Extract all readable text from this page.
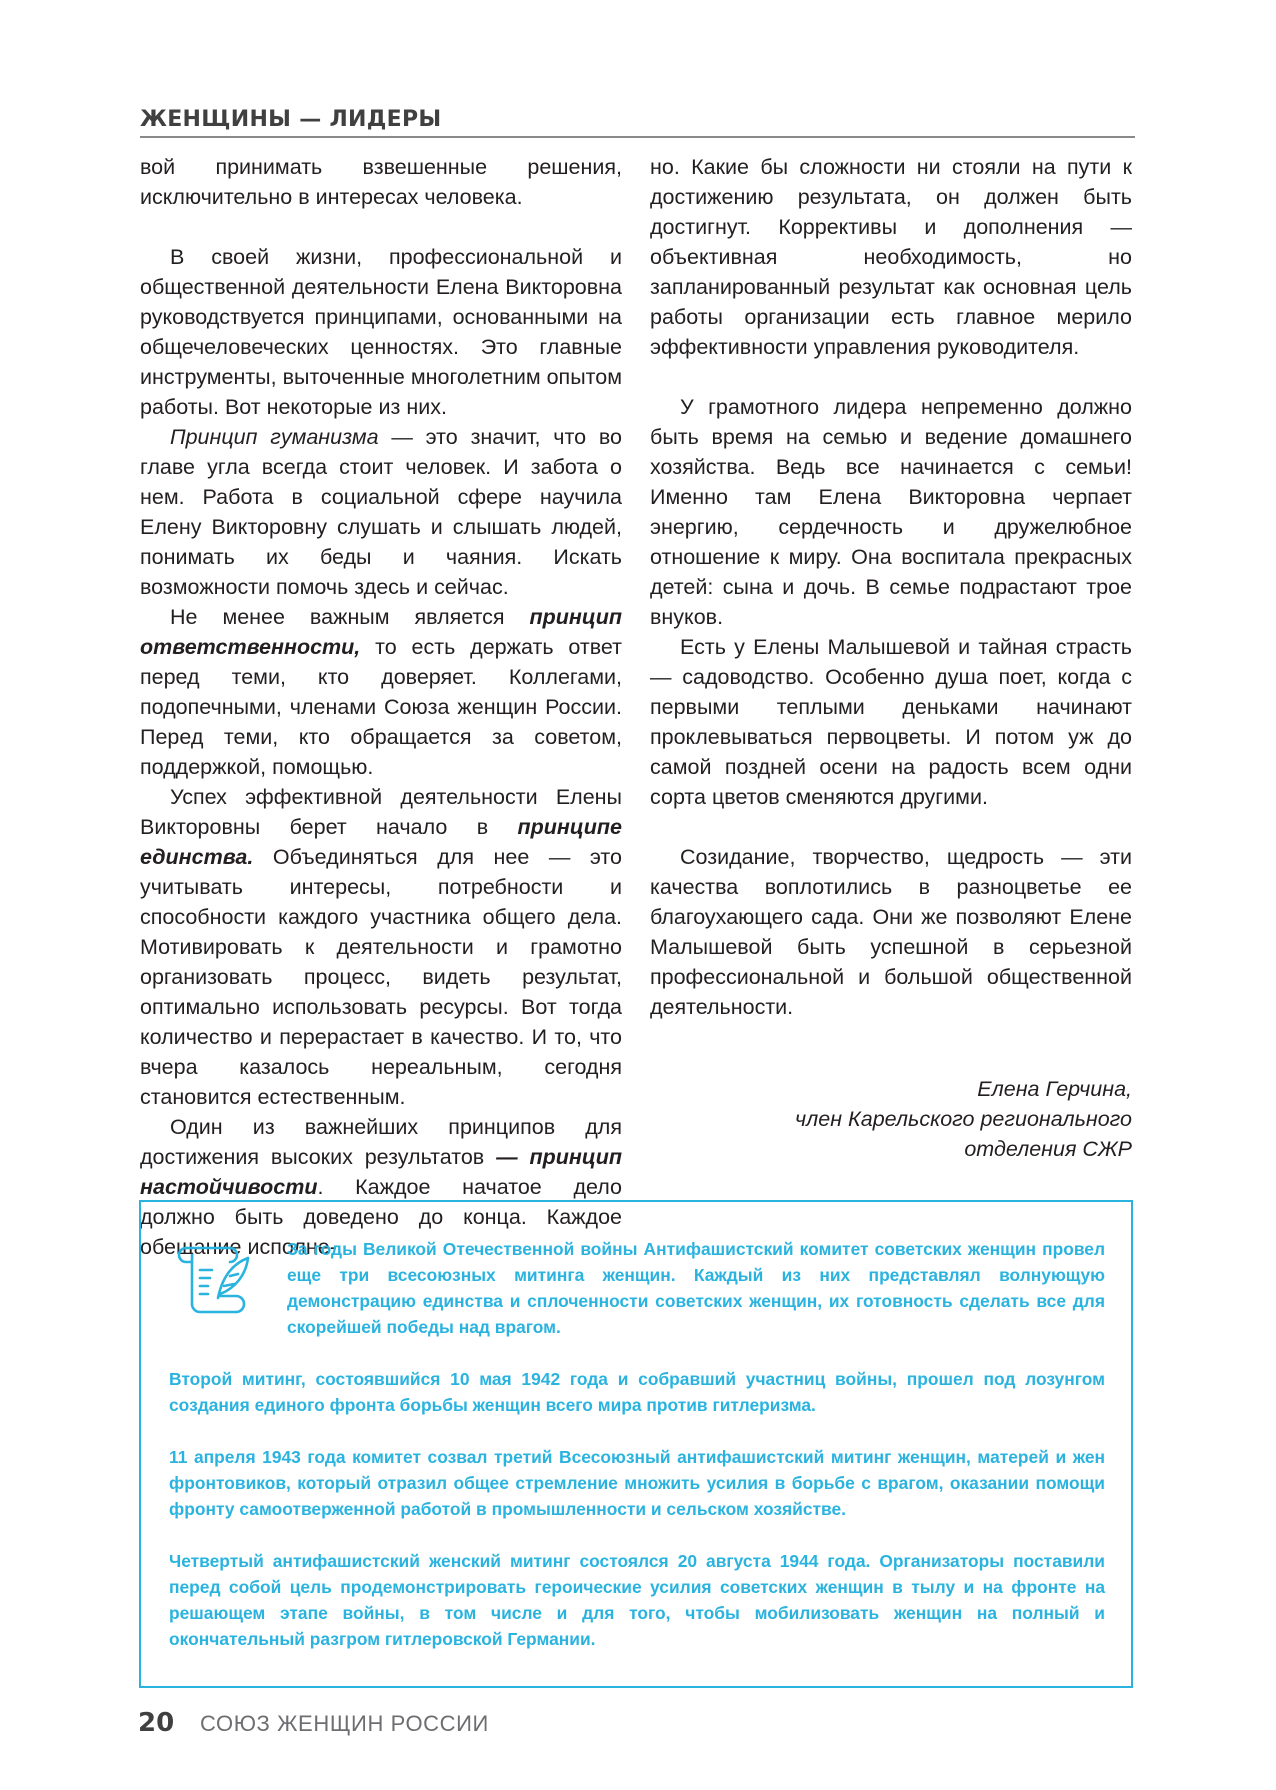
ЖЕНЩИНЫ — ЛИДЕРЫ

вой принимать взвешенные решения, исключительно в интересах человека.

В своей жизни, профессиональной и общественной деятельности Елена Викторовна руководствуется принципами, основанными на общечеловеческих ценностях. Это главные инструменты, выточенные многолетним опытом работы. Вот некоторые из них.

Принцип гуманизма — это значит, что во главе угла всегда стоит человек. И забота о нем. Работа в социальной сфере научила Елену Викторовну слушать и слышать людей, понимать их беды и чаяния. Искать возможности помочь здесь и сейчас.

Не менее важным является принцип ответственности, то есть держать ответ перед теми, кто доверяет. Коллегами, подопечными, членами Союза женщин России. Перед теми, кто обращается за советом, поддержкой, помощью.

Успех эффективной деятельности Елены Викторовны берет начало в принципе единства. Объединяться для нее — это учитывать интересы, потребности и способности каждого участника общего дела. Мотивировать к деятельности и грамотно организовать процесс, видеть результат, оптимально использовать ресурсы. Вот тогда количество и перерастает в качество. И то, что вчера казалось нереальным, сегодня становится естественным.

Один из важнейших принципов для достижения высоких результатов — принцип настойчивости. Каждое начатое дело должно быть доведено до конца. Каждое обещание исполне-

но. Какие бы сложности ни стояли на пути к достижению результата, он должен быть достигнут. Коррективы и дополнения — объективная необходимость, но запланированный результат как основная цель работы организации есть главное мерило эффективности управления руководителя.

У грамотного лидера непременно должно быть время на семью и ведение домашнего хозяйства. Ведь все начинается с семьи! Именно там Елена Викторовна черпает энергию, сердечность и дружелюбное отношение к миру. Она воспитала прекрасных детей: сына и дочь. В семье подрастают трое внуков.

Есть у Елены Малышевой и тайная страсть — садоводство. Особенно душа поет, когда с первыми теплыми деньками начинают проклевываться первоцветы. И потом уж до самой поздней осени на радость всем одни сорта цветов сменяются другими.

Созидание, творчество, щедрость — эти качества воплотились в разноцветье ее благоухающего сада. Они же позволяют Елене Малышевой быть успешной в серьезной профессиональной и большой общественной деятельности.

Елена Герчина,
член Карельского регионального
отделения СЖР

За годы Великой Отечественной войны Антифашистский комитет советских женщин провел еще три всесоюзных митинга женщин. Каждый из них представлял волнующую демонстрацию единства и сплоченности советских женщин, их готовность сделать все для скорейшей победы над врагом.

Второй митинг, состоявшийся 10 мая 1942 года и собравший участниц войны, прошел под лозунгом создания единого фронта борьбы женщин всего мира против гитлеризма.

11 апреля 1943 года комитет созвал третий Всесоюзный антифашистский митинг женщин, матерей и жен фронтовиков, который отразил общее стремление множить усилия в борьбе с врагом, оказании помощи фронту самоотверженной работой в промышленности и сельском хозяйстве.

Четвертый антифашистский женский митинг состоялся 20 августа 1944 года. Организаторы поставили перед собой цель продемонстрировать героические усилия советских женщин в тылу и на фронте на решающем этапе войны, в том числе и для того, чтобы мобилизовать женщин на полный и окончательный разгром гитлеровской Германии.

20 СОЮЗ ЖЕНЩИН РОССИИ
